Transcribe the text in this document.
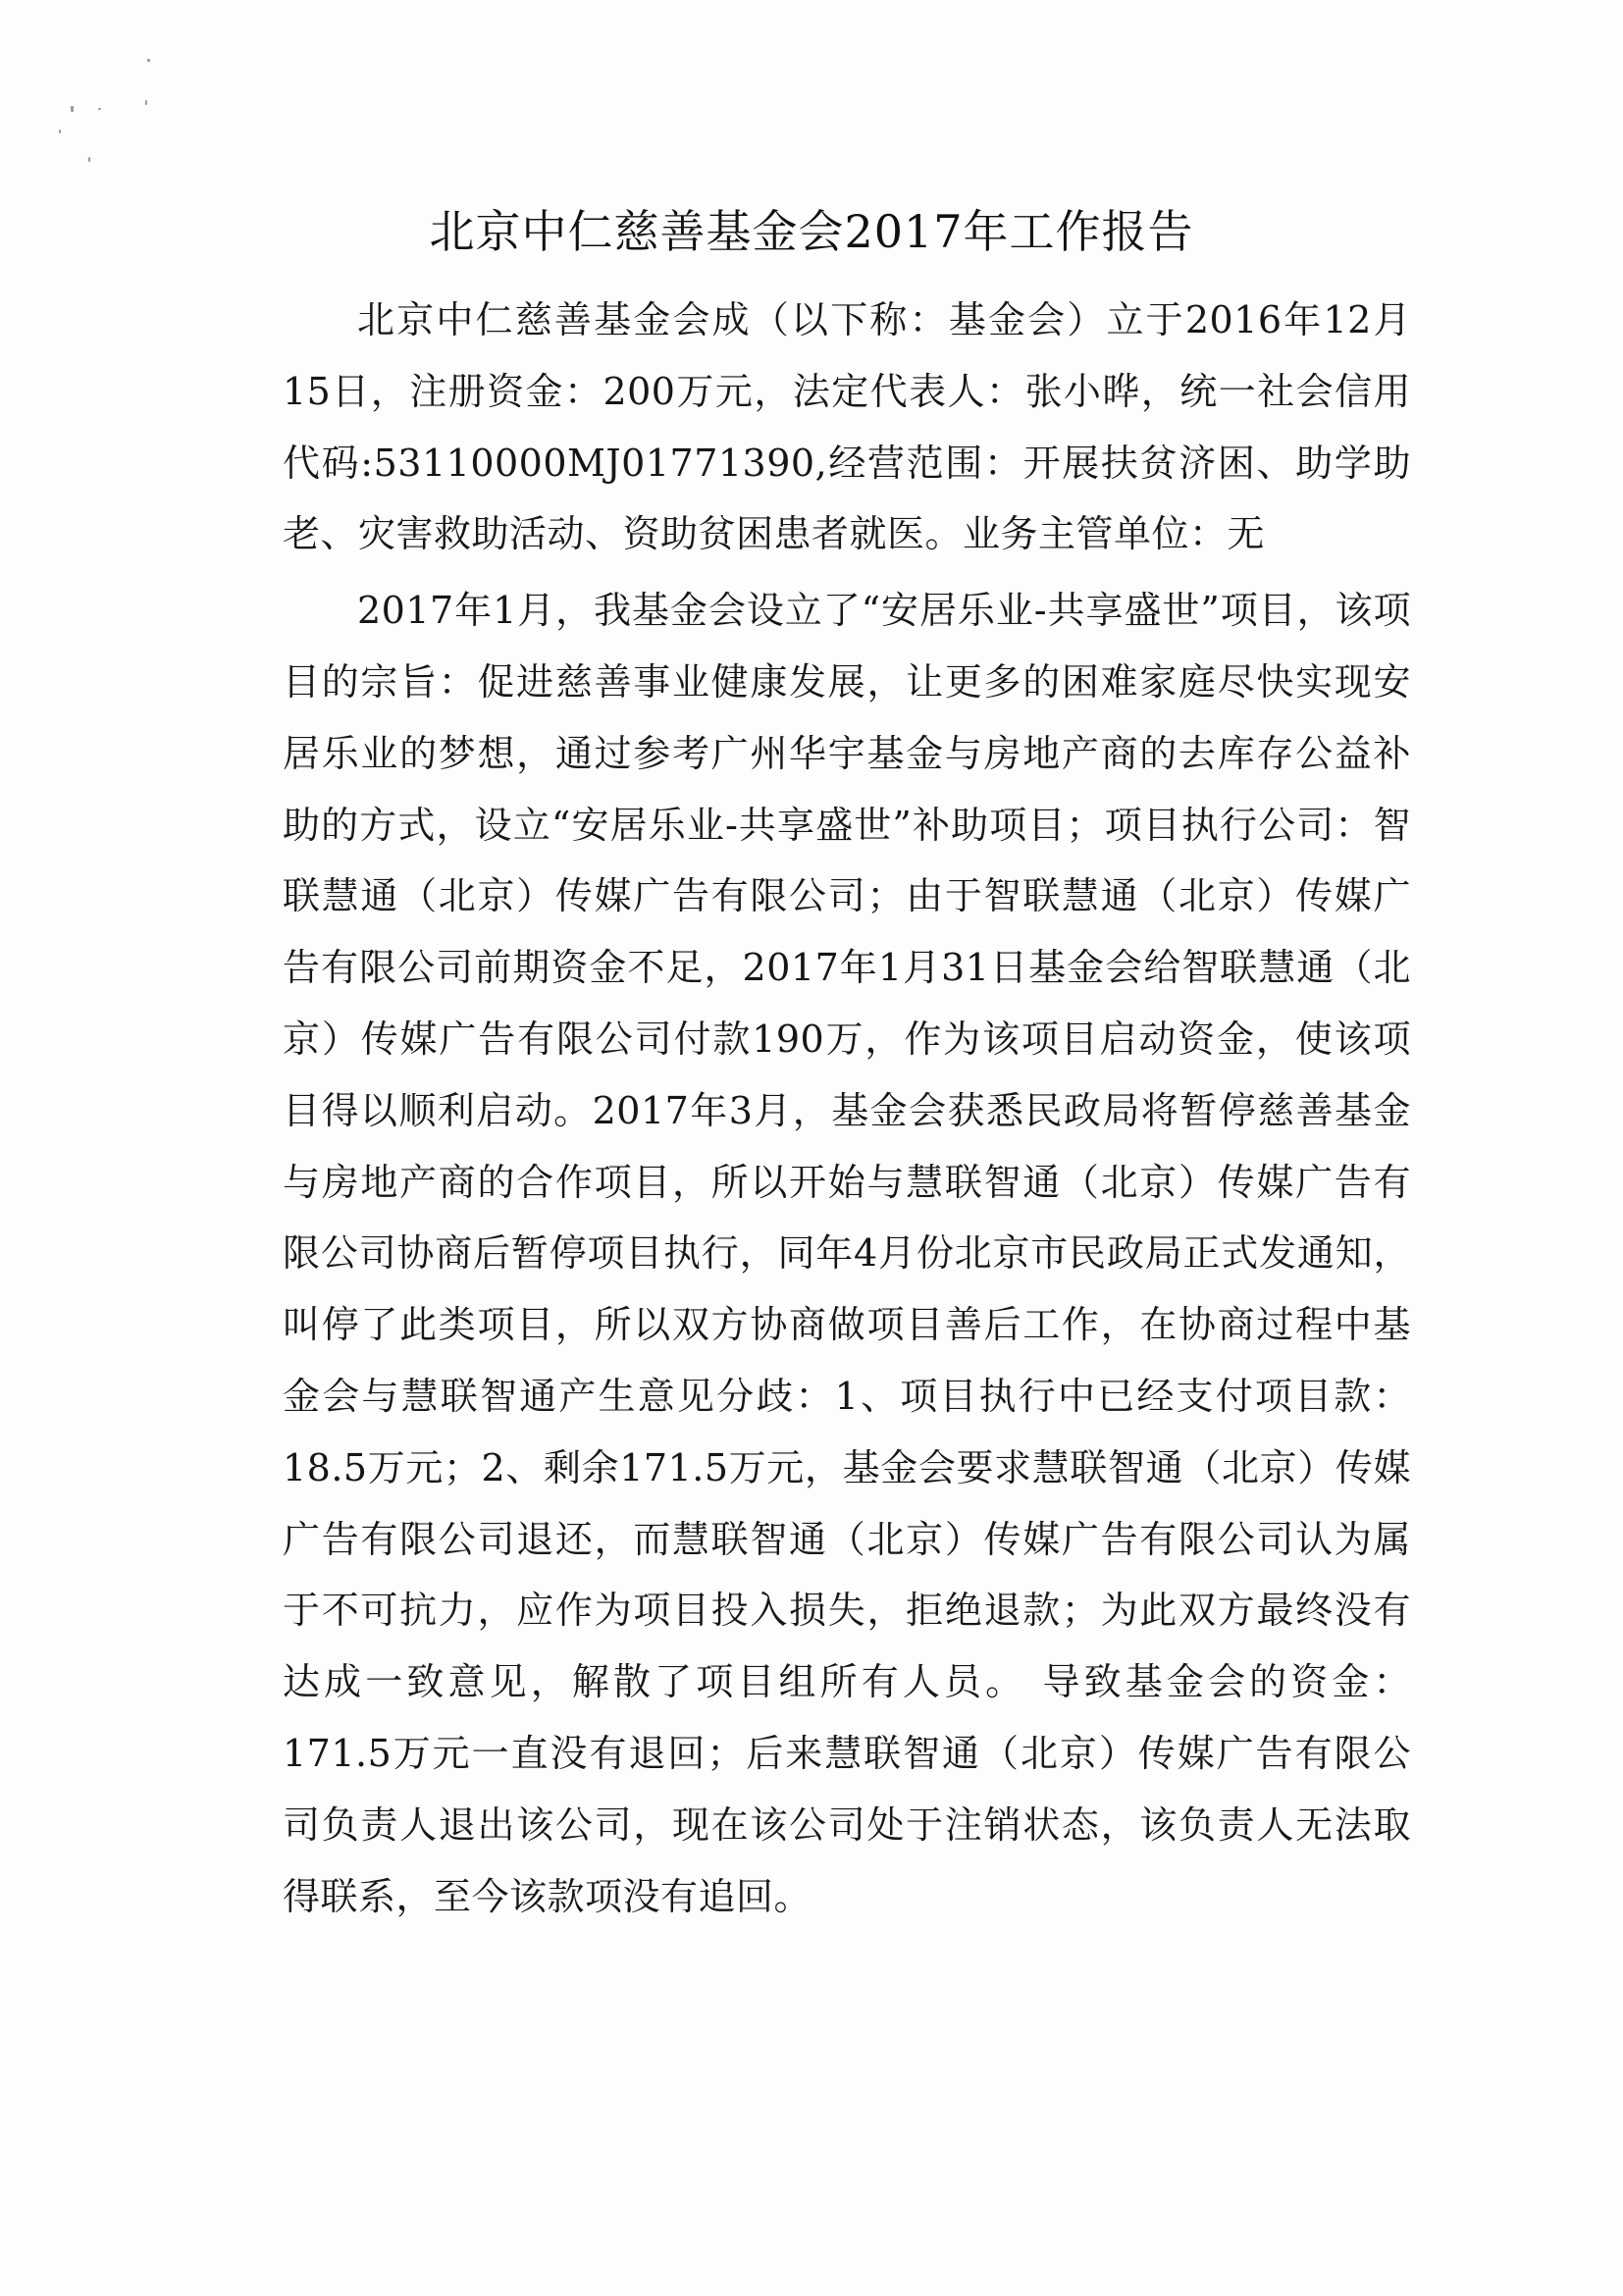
北京中仁慈善基金会2017年工作报告

北京中仁慈善基金会成（以下称：基金会）立于2016年12月15日，注册资金：200万元，法定代表人：张小晔，统一社会信用代码:53110000MJ01771390,经营范围：开展扶贫济困、助学助老、灾害救助活动、资助贫困患者就医。业务主管单位：无

2017年1月，我基金会设立了“安居乐业-共享盛世”项目，该项目的宗旨：促进慈善事业健康发展，让更多的困难家庭尽快实现安居乐业的梦想，通过参考广州华宇基金与房地产商的去库存公益补助的方式，设立“安居乐业-共享盛世”补助项目；项目执行公司：智联慧通（北京）传媒广告有限公司；由于智联慧通（北京）传媒广告有限公司前期资金不足，2017年1月31日基金会给智联慧通（北京）传媒广告有限公司付款190万，作为该项目启动资金，使该项目得以顺利启动。2017年3月，基金会获悉民政局将暂停慈善基金与房地产商的合作项目，所以开始与慧联智通（北京）传媒广告有限公司协商后暂停项目执行，同年4月份北京市民政局正式发通知，叫停了此类项目，所以双方协商做项目善后工作，在协商过程中基金会与慧联智通产生意见分歧：1、项目执行中已经支付项目款：18.5万元；2、剩余171.5万元，基金会要求慧联智通（北京）传媒广告有限公司退还，而慧联智通（北京）传媒广告有限公司认为属于不可抗力，应作为项目投入损失，拒绝退款；为此双方最终没有达成一致意见，解散了项目组所有人员。 导致基金会的资金：171.5万元一直没有退回；后来慧联智通（北京）传媒广告有限公司负责人退出该公司，现在该公司处于注销状态，该负责人无法取得联系，至今该款项没有追回。
